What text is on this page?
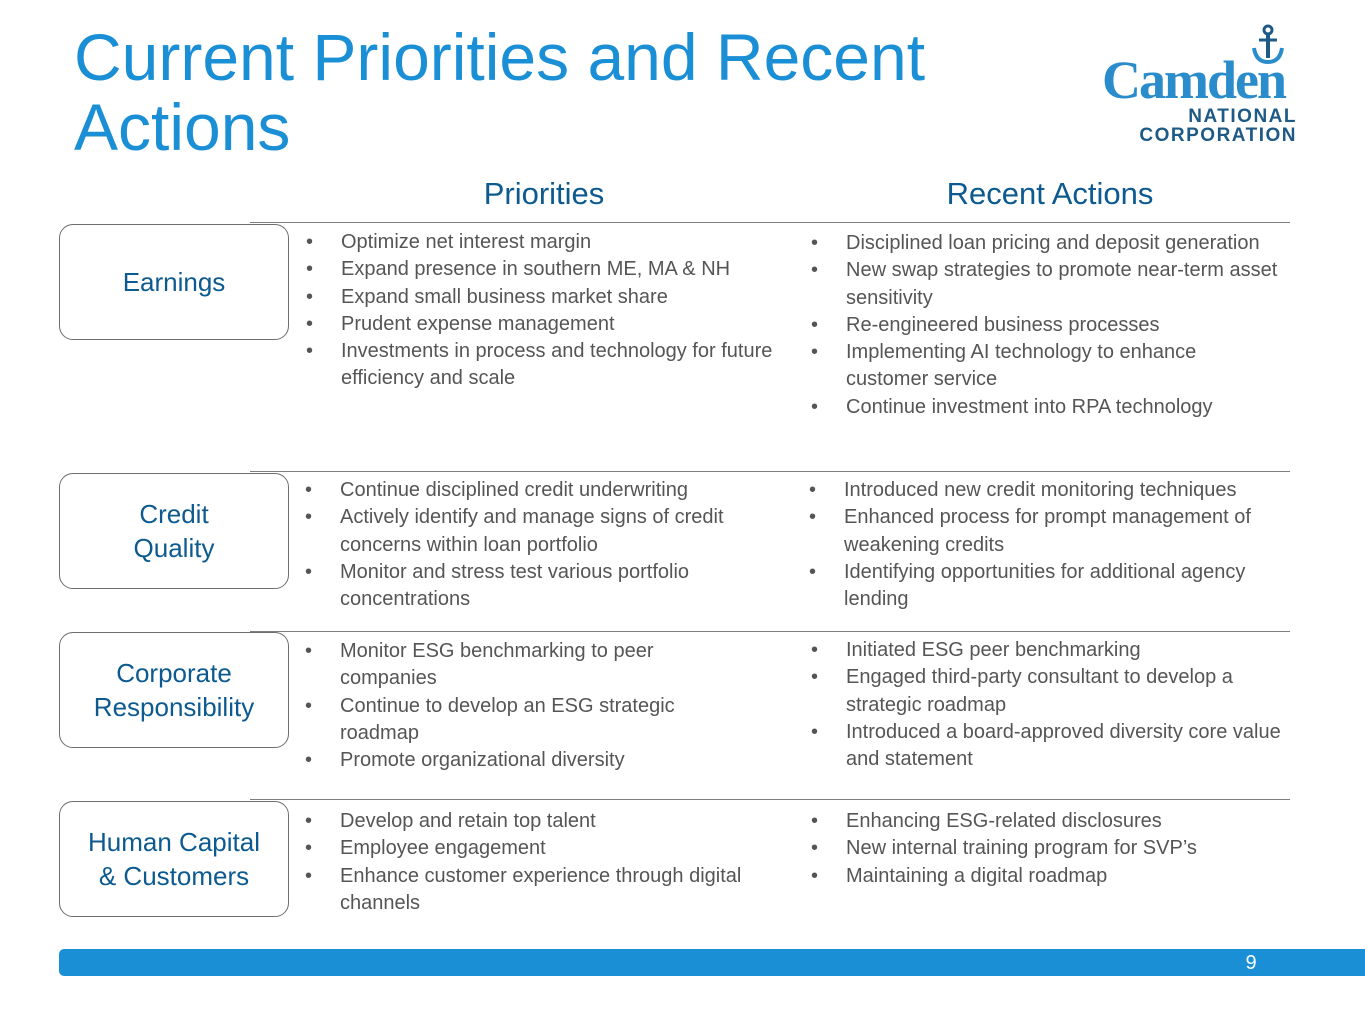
Current Priorities and Recent Actions
Camden
NATIONAL
CORPORATION
Priorities	Recent Actions
Earnings
• Optimize net interest margin
• Expand presence in southern ME, MA & NH
• Expand small business market share
• Prudent expense management
• Investments in process and technology for future efficiency and scale
• Disciplined loan pricing and deposit generation
• New swap strategies to promote near-term asset sensitivity
• Re-engineered business processes
• Implementing AI technology to enhance customer service
• Continue investment into RPA technology
Credit
Quality
• Continue disciplined credit underwriting
• Actively identify and manage signs of credit concerns within loan portfolio
• Monitor and stress test various portfolio concentrations
• Introduced new credit monitoring techniques
• Enhanced process for prompt management of weakening credits
• Identifying opportunities for additional agency lending
Corporate
Responsibility
• Monitor ESG benchmarking to peer companies
• Continue to develop an ESG strategic roadmap
• Promote organizational diversity
• Initiated ESG peer benchmarking
• Engaged third-party consultant to develop a strategic roadmap
• Introduced a board-approved diversity core value and statement
Human Capital
& Customers
• Develop and retain top talent
• Employee engagement
• Enhance customer experience through digital channels
• Enhancing ESG-related disclosures
• New internal training program for SVP’s
• Maintaining a digital roadmap
9
